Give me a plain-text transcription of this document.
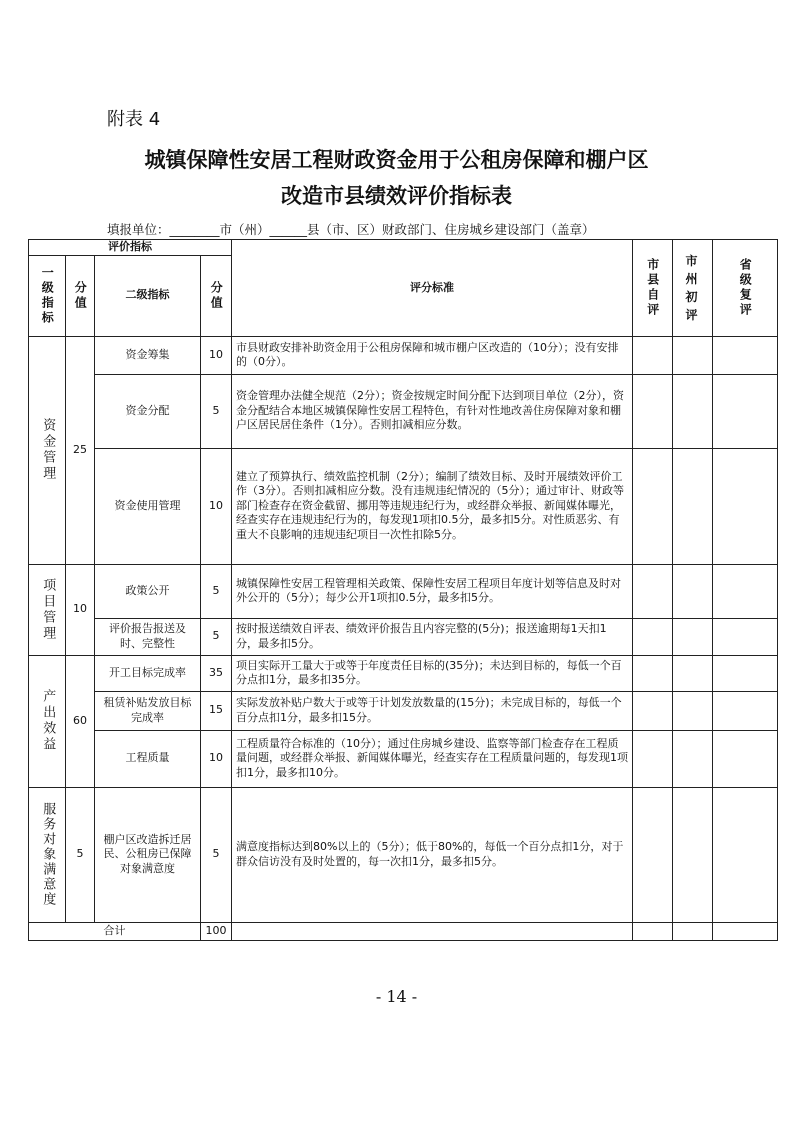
附表 4
城镇保障性安居工程财政资金用于公租房保障和棚户区
改造市县绩效评价指标表
填报单位：________市（州）______县（市、区）财政部门、住房城乡建设部门（盖章）
评价指标				评分标准	市县自评	市州初评	省级复评

一级指标	分值	二级指标	分值				

资金管理	25	资金筹集	10	市县财政安排补助资金用于公租房保障和城市棚户区改造的（10分）；没有安排的（0分）。			
		资金分配	5	资金管理办法健全规范（2分）；资金按规定时间分配下达到项目单位（2分），资金分配结合本地区城镇保障性安居工程特色，有针对性地改善住房保障对象和棚户区居民居住条件（1分）。否则扣减相应分数。			
		资金使用管理	10	建立了预算执行、绩效监控机制（2分）；编制了绩效目标、及时开展绩效评价工作（3分）。否则扣减相应分数。没有违规违纪情况的（5分）；通过审计、财政等部门检查存在资金截留、挪用等违规违纪行为，或经群众举报、新闻媒体曝光，经查实存在违规违纪行为的，每发现1项扣0.5分，最多扣5分。对性质恶劣、有重大不良影响的违规违纪项目一次性扣除5分。			

项目管理	10	政策公开	5	城镇保障性安居工程管理相关政策、保障性安居工程项目年度计划等信息及时对外公开的（5分）；每少公开1项扣0.5分，最多扣5分。			
		评价报告报送及时、完整性	5	按时报送绩效自评表、绩效评价报告且内容完整的(5分)；报送逾期每1天扣1分，最多扣5分。			

产出效益	60	开工目标完成率	35	项目实际开工量大于或等于年度责任目标的(35分)；未达到目标的，每低一个百分点扣1分，最多扣35分。			
		租赁补贴发放目标完成率	15	实际发放补贴户数大于或等于计划发放数量的(15分)；未完成目标的，每低一个百分点扣1分，最多扣15分。			
		工程质量	10	工程质量符合标准的（10分）；通过住房城乡建设、监察等部门检查存在工程质量问题，或经群众举报、新闻媒体曝光，经查实存在工程质量问题的，每发现1项扣1分，最多扣10分。			

服务对象满意度	5	棚户区改造拆迁居民、公租房已保障对象满意度	5	满意度指标达到80%以上的（5分）；低于80%的，每低一个百分点扣1分，对于群众信访没有及时处置的，每一次扣1分，最多扣5分。			
合计			100				
- 14 -
